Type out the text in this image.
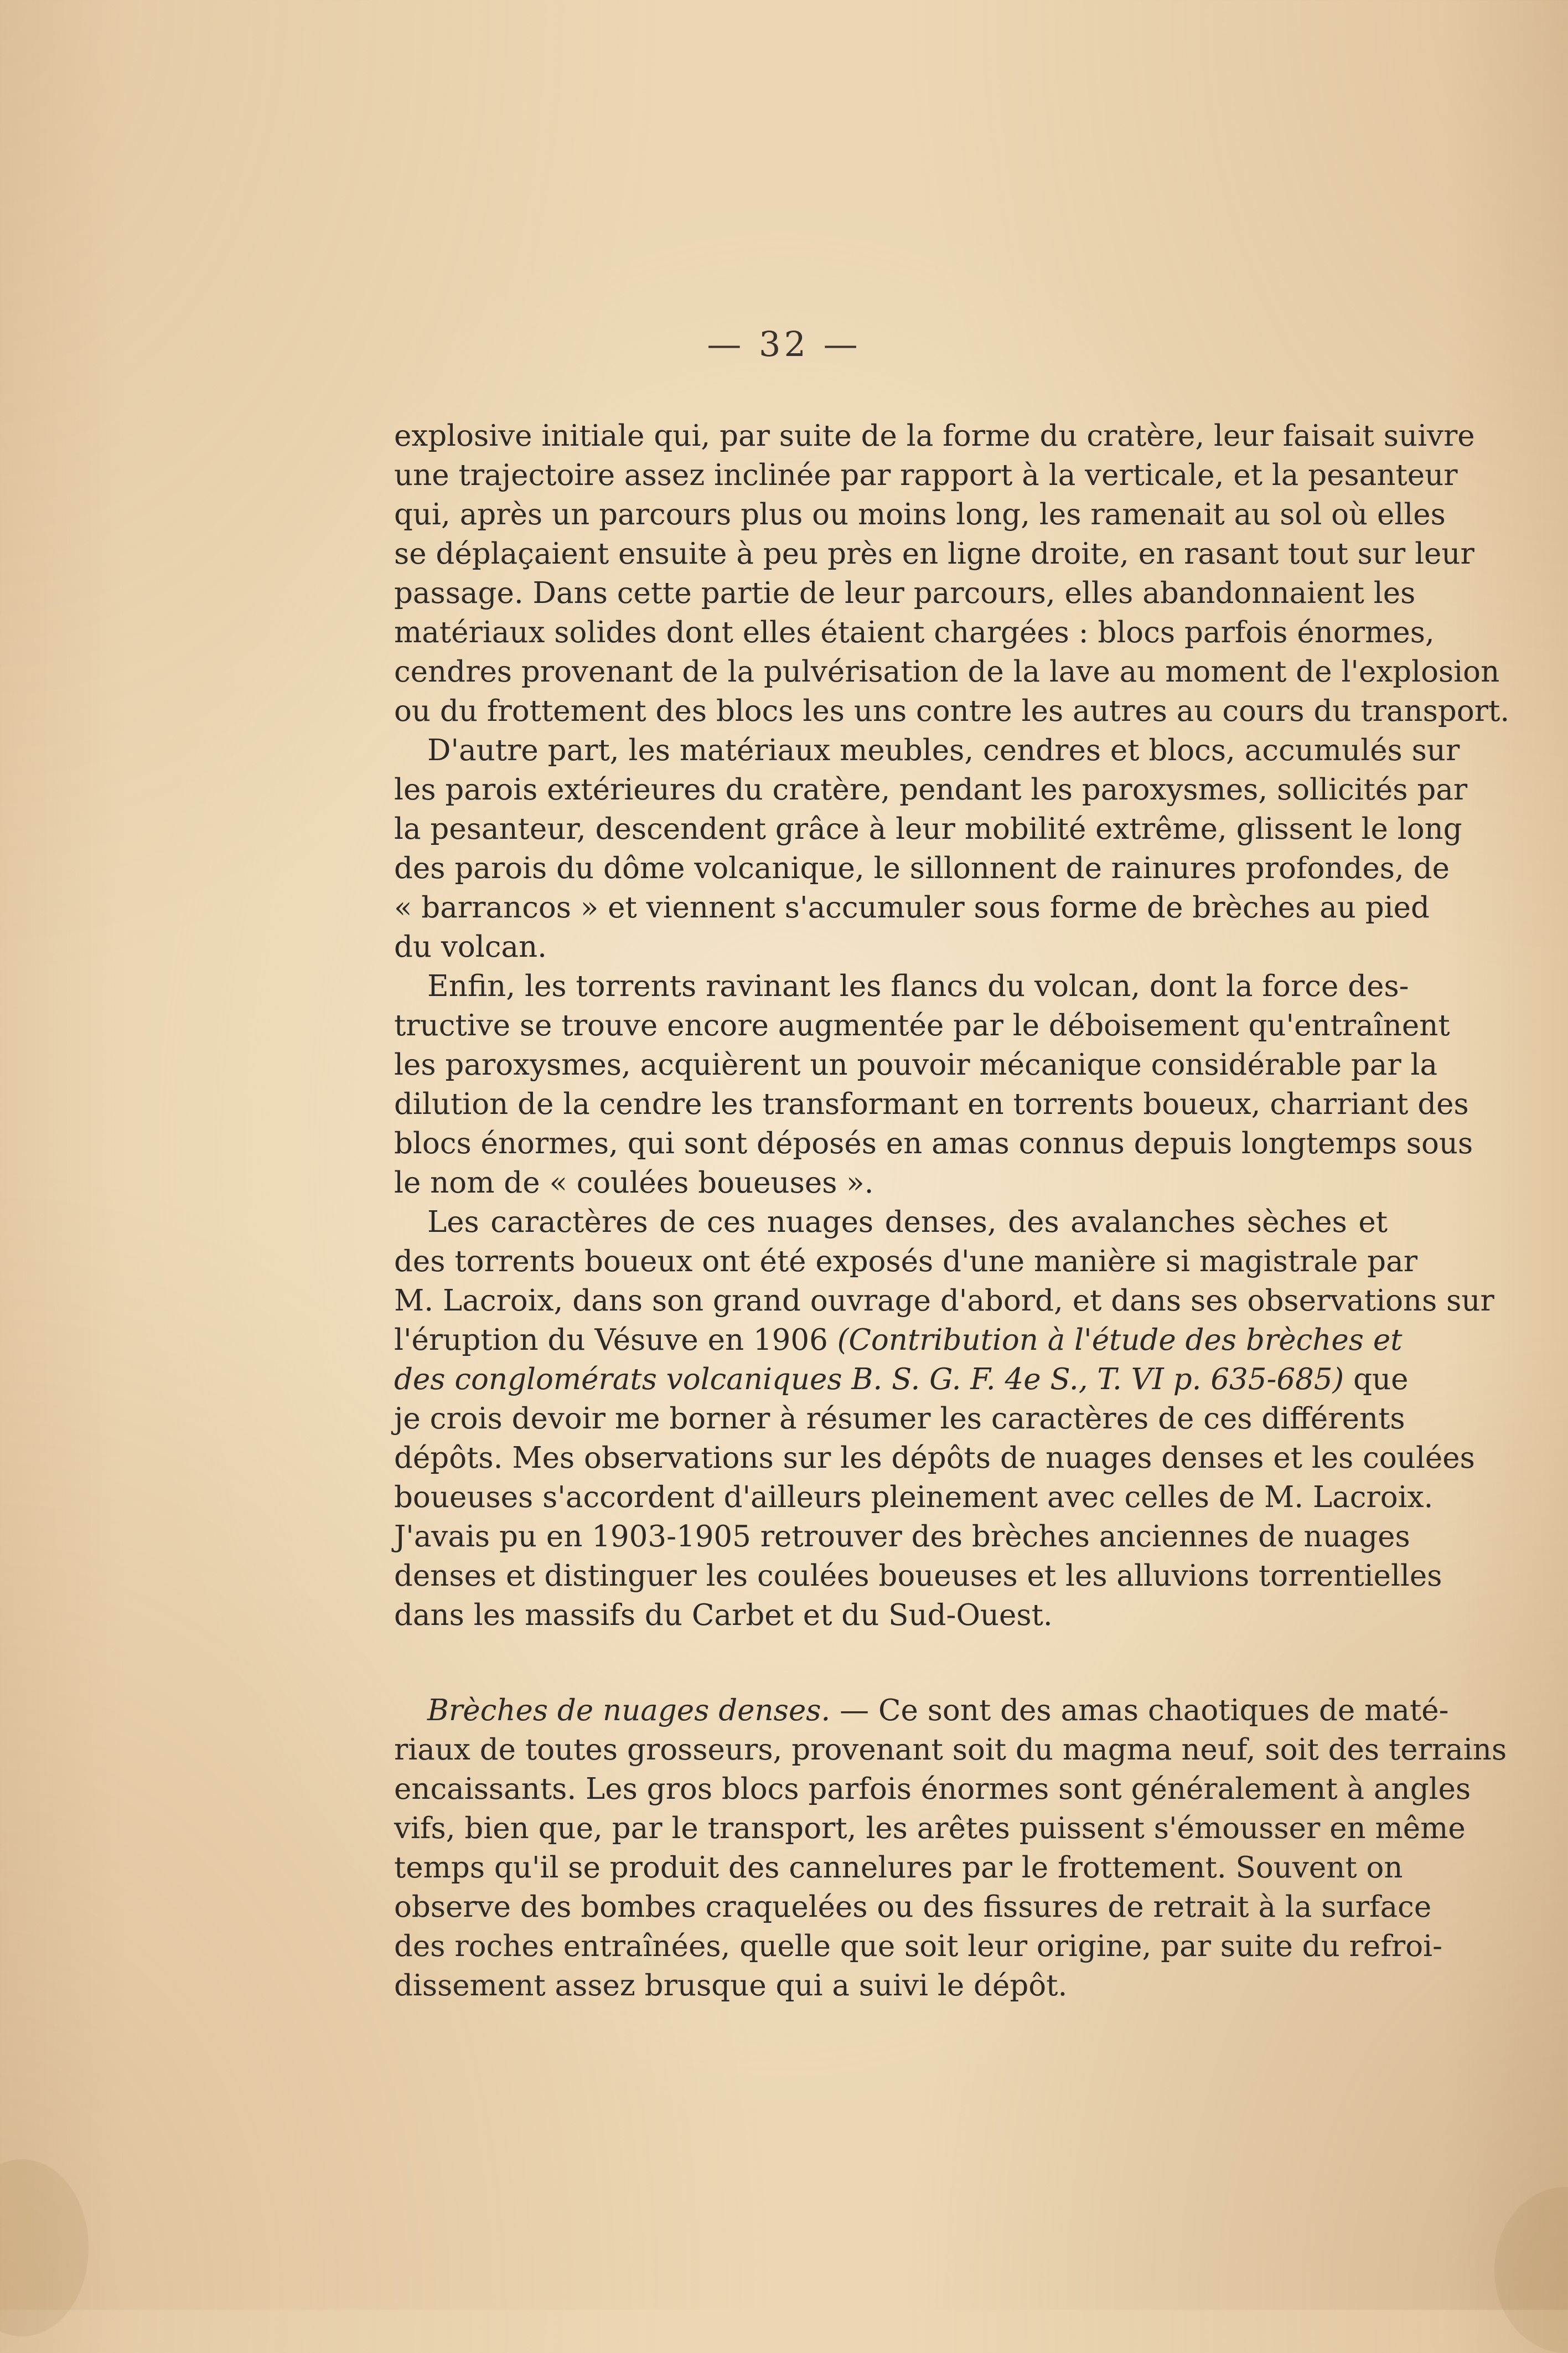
— 32 —
explosive initiale qui, par suite de la forme du cratère, leur faisait suivre
une trajectoire assez inclinée par rapport à la verticale, et la pesanteur
qui, après un parcours plus ou moins long, les ramenait au sol où elles
se déplaçaient ensuite à peu près en ligne droite, en rasant tout sur leur
passage. Dans cette partie de leur parcours, elles abandonnaient les
matériaux solides dont elles étaient chargées : blocs parfois énormes,
cendres provenant de la pulvérisation de la lave au moment de l'explosion
ou du frottement des blocs les uns contre les autres au cours du transport.
D'autre part, les matériaux meubles, cendres et blocs, accumulés sur
les parois extérieures du cratère, pendant les paroxysmes, sollicités par
la pesanteur, descendent grâce à leur mobilité extrême, glissent le long
des parois du dôme volcanique, le sillonnent de rainures profondes, de
« barrancos » et viennent s'accumuler sous forme de brèches au pied
du volcan.
Enfin, les torrents ravinant les flancs du volcan, dont la force des-
tructive se trouve encore augmentée par le déboisement qu'entraînent
les paroxysmes, acquièrent un pouvoir mécanique considérable par la
dilution de la cendre les transformant en torrents boueux, charriant des
blocs énormes, qui sont déposés en amas connus depuis longtemps sous
le nom de « coulées boueuses ».
Les caractères de ces nuages denses, des avalanches sèches et
des torrents boueux ont été exposés d'une manière si magistrale par
M. Lacroix, dans son grand ouvrage d'abord, et dans ses observations sur
l'éruption du Vésuve en 1906 (Contribution à l'étude des brèches et
des conglomérats volcaniques B. S. G. F. 4e S., T. VI p. 635-685) que
je crois devoir me borner à résumer les caractères de ces différents
dépôts. Mes observations sur les dépôts de nuages denses et les coulées
boueuses s'accordent d'ailleurs pleinement avec celles de M. Lacroix.
J'avais pu en 1903-1905 retrouver des brèches anciennes de nuages
denses et distinguer les coulées boueuses et les alluvions torrentielles
dans les massifs du Carbet et du Sud-Ouest.
Brèches de nuages denses. — Ce sont des amas chaotiques de maté-
riaux de toutes grosseurs, provenant soit du magma neuf, soit des terrains
encaissants. Les gros blocs parfois énormes sont généralement à angles
vifs, bien que, par le transport, les arêtes puissent s'émousser en même
temps qu'il se produit des cannelures par le frottement. Souvent on
observe des bombes craquelées ou des fissures de retrait à la surface
des roches entraînées, quelle que soit leur origine, par suite du refroi-
dissement assez brusque qui a suivi le dépôt.
